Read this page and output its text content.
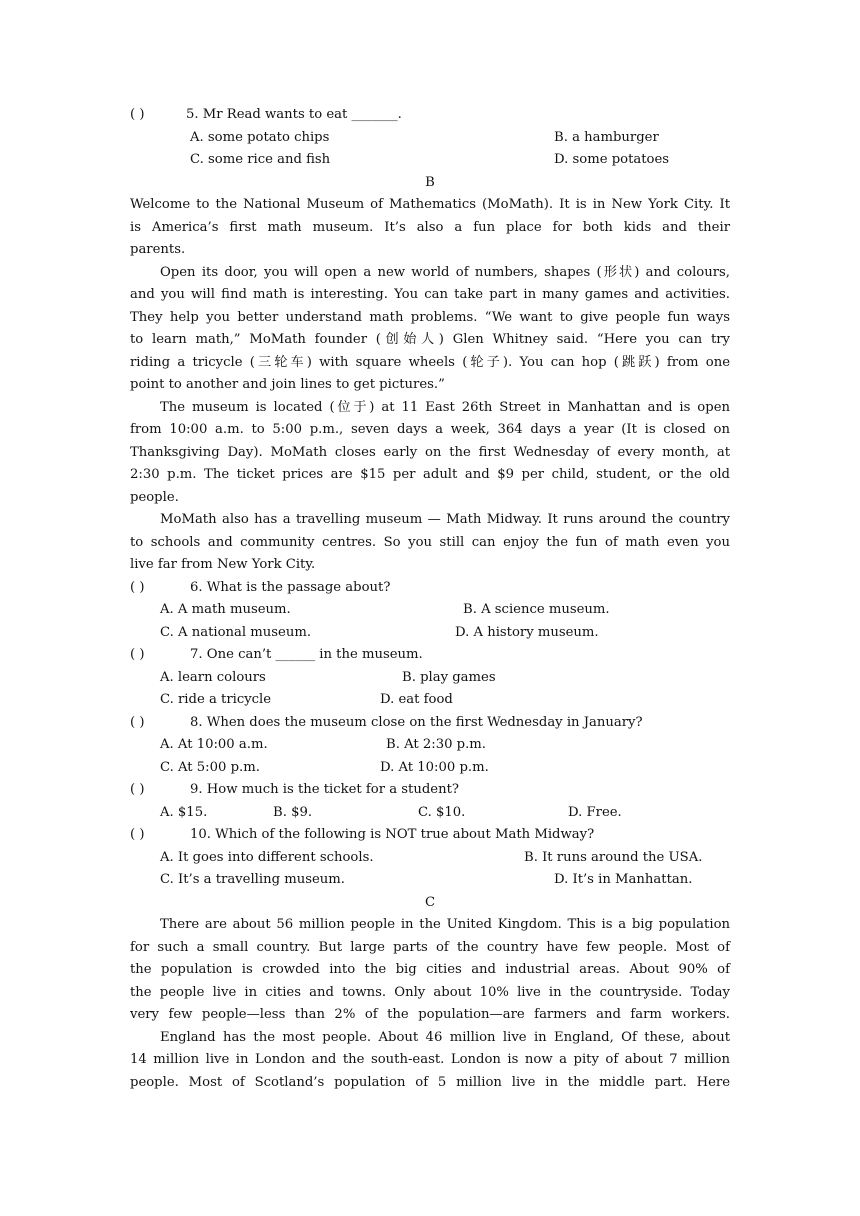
( )	5. Mr Read wants to eat _______.
A. some potato chips	B. a hamburger
C. some rice and fish	D. some potatoes
B
Welcome to the National Museum of Mathematics (MoMath). It is in New York City. It
is America’s first math museum. It’s also a fun place for both kids and their
parents.
Open its door, you will open a new world of numbers, shapes (形状) and colours,
and you will find math is interesting. You can take part in many games and activities.
They help you better understand math problems. “We want to give people fun ways
to learn math,” MoMath founder (创始人) Glen Whitney said. “Here you can try
riding a tricycle (三轮车) with square wheels (轮子). You can hop (跳跃) from one
point to another and join lines to get pictures.”
The museum is located (位于) at 11 East 26th Street in Manhattan and is open
from 10:00 a.m. to 5:00 p.m., seven days a week, 364 days a year (It is closed on
Thanksgiving Day). MoMath closes early on the first Wednesday of every month, at
2:30 p.m. The ticket prices are $15 per adult and $9 per child, student, or the old
people.
MoMath also has a travelling museum — Math Midway. It runs around the country
to schools and community centres. So you still can enjoy the fun of math even you
live far from New York City.
( )	6. What is the passage about?
A. A math museum.	B. A science museum.
C. A national museum.	D. A history museum.
( )	7. One can’t ______ in the museum.
A. learn colours	B. play games
C. ride a tricycle	D. eat food
( )	8. When does the museum close on the first Wednesday in January?
A. At 10:00 a.m.	B. At 2:30 p.m.
C. At 5:00 p.m.	D. At 10:00 p.m.
( )	9. How much is the ticket for a student?
A. $15.	B. $9.	C. $10.	D. Free.
( )	10. Which of the following is NOT true about Math Midway?
A. It goes into different schools.	B. It runs around the USA.
C. It’s a travelling museum.	D. It’s in Manhattan.
C
There are about 56 million people in the United Kingdom. This is a big population
for such a small country. But large parts of the country have few people. Most of
the population is crowded into the big cities and industrial areas. About 90% of
the people live in cities and towns. Only about 10% live in the countryside. Today
very few people—less than 2% of the population—are farmers and farm workers.
England has the most people. About 46 million live in England, Of these, about
14 million live in London and the south-east. London is now a pity of about 7 million
people. Most of Scotland’s population of 5 million live in the middle part. Here
